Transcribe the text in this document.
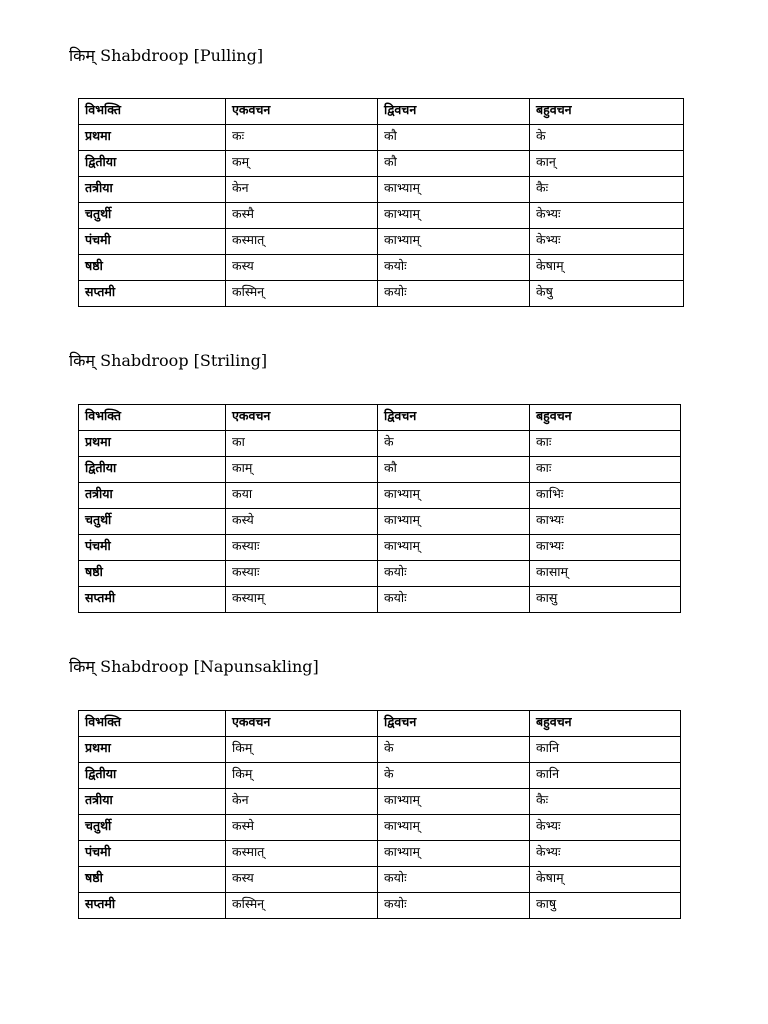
किम् Shabdroop [Pulling]
विभक्ति	एकवचन	द्विवचन	बहुवचन
प्रथमा	कः	कौ	के
द्वितीया	कम्	कौ	कान्
तत्रीया	केन	काभ्याम्	कैः
चतुर्थी	कस्मै	काभ्याम्	केभ्यः
पंचमी	कस्मात्	काभ्याम्	केभ्यः
षष्ठी	कस्य	कयोः	केषाम्
सप्तमी	कस्मिन्	कयोः	केषु
किम् Shabdroop [Striling]
विभक्ति	एकवचन	द्विवचन	बहुवचन
प्रथमा	का	के	काः
द्वितीया	काम्	कौ	काः
तत्रीया	कया	काभ्याम्	काभिः
चतुर्थी	कस्ये	काभ्याम्	काभ्यः
पंचमी	कस्याः	काभ्याम्	काभ्यः
षष्ठी	कस्याः	कयोः	कासाम्
सप्तमी	कस्याम्	कयोः	कासु
किम् Shabdroop [Napunsakling]
विभक्ति	एकवचन	द्विवचन	बहुवचन
प्रथमा	किम्	के	कानि
द्वितीया	किम्	के	कानि
तत्रीया	केन	काभ्याम्	कैः
चतुर्थी	कस्मे	काभ्याम्	केभ्यः
पंचमी	कस्मात्	काभ्याम्	केभ्यः
षष्ठी	कस्य	कयोः	केषाम्
सप्तमी	कस्मिन्	कयोः	काषु
